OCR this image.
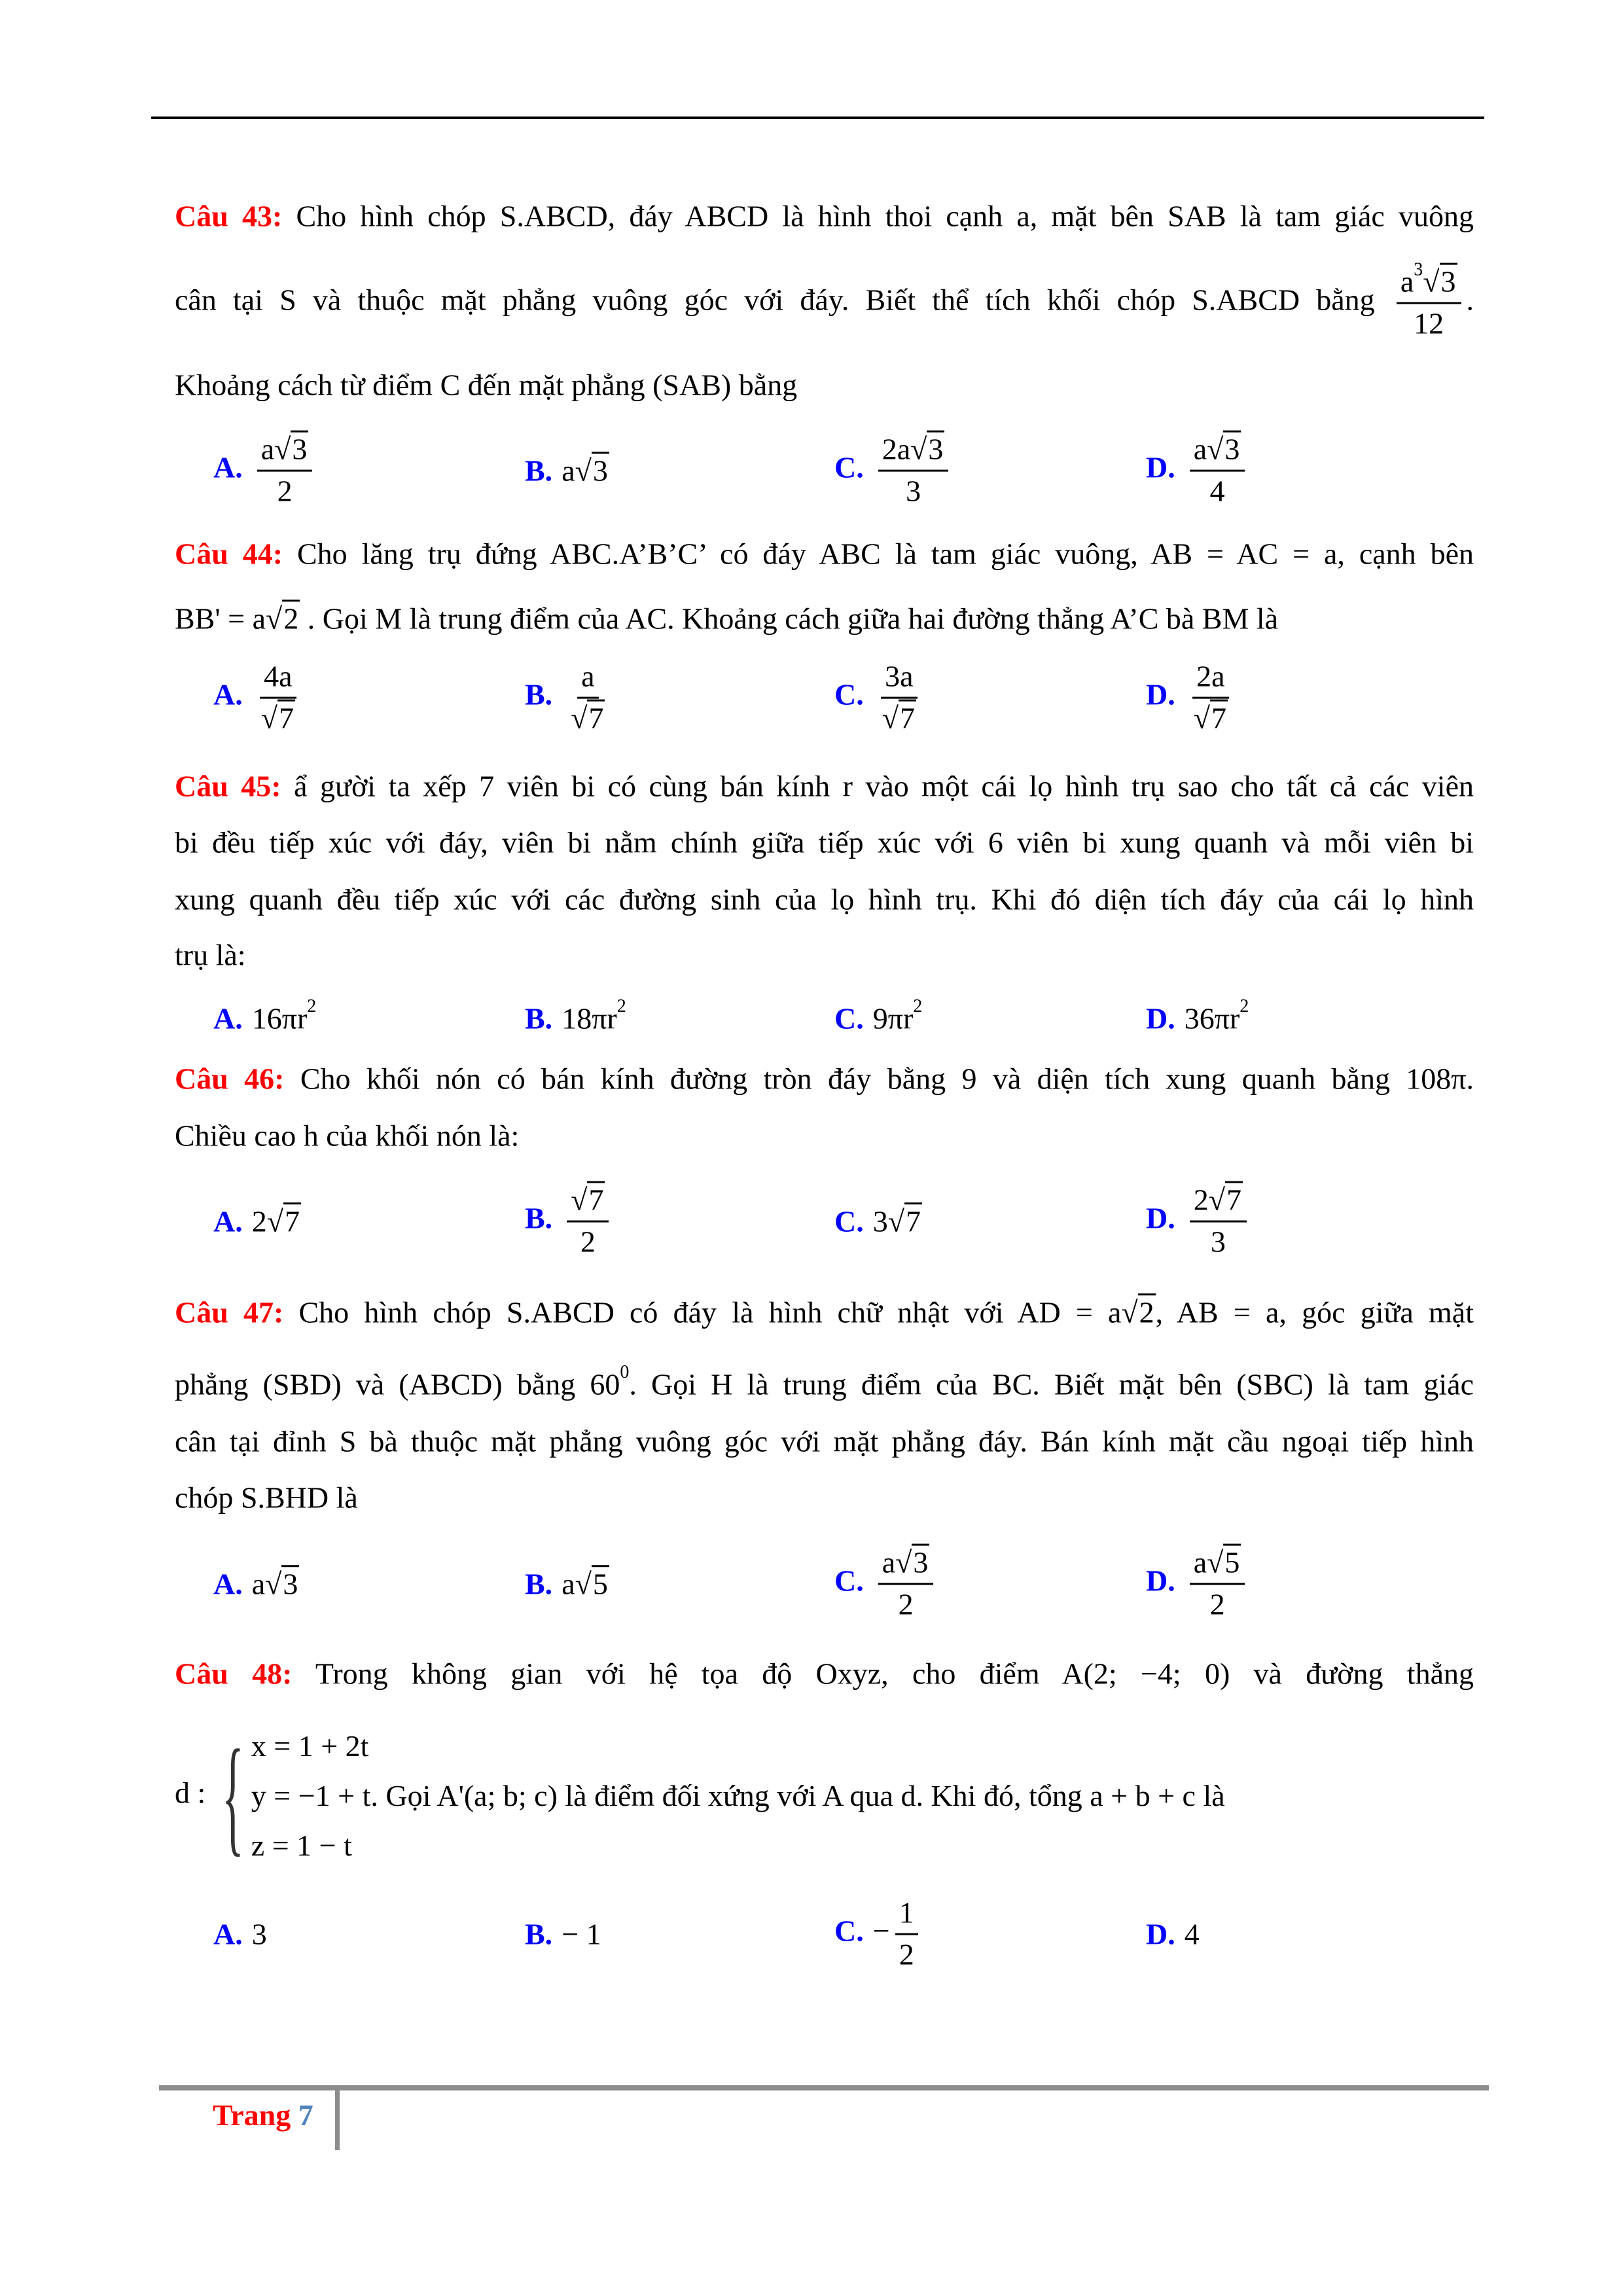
Câu 43: Cho hình chóp S.ABCD, đáy ABCD là hình thoi cạnh a, mặt bên SAB là tam giác vuông
cân tại S và thuộc mặt phẳng vuông góc với đáy. Biết thể tích khối chóp S.ABCD bằng $\frac{a^3√3}{12}$ .
Khoảng cách từ điểm C đến mặt phẳng (SAB) bằng
A. $\frac{a√3}{2}$	B. a√3	C. $\frac{2a√3}{3}$	D. $\frac{a√3}{4}$
Câu 44: Cho lăng trụ đứng ABC.A’B’C’ có đáy ABC là tam giác vuông, AB = AC = a, cạnh bên
BB' = a√2 . Gọi M là trung điểm của AC. Khoảng cách giữa hai đường thẳng A’C bà BM là
A. $\frac{4a}{√7}$	B. $\frac{a}{√7}$	C. $\frac{3a}{√7}$	D. $\frac{2a}{√7}$
Câu 45: ẩ gười ta xếp 7 viên bi có cùng bán kính r vào một cái lọ hình trụ sao cho tất cả các viên
bi đều tiếp xúc với đáy, viên bi nằm chính giữa tiếp xúc với 6 viên bi xung quanh và mỗi viên bi
xung quanh đều tiếp xúc với các đường sinh của lọ hình trụ. Khi đó diện tích đáy của cái lọ hình
trụ là:
A. $16\pi r^2$	B. $18\pi r^2$	C. $9\pi r^2$	D. $36\pi r^2$
Câu 46: Cho khối nón có bán kính đường tròn đáy bằng 9 và diện tích xung quanh bằng 108π.
Chiều cao h của khối nón là:
A. 2√7	B. $\frac{√7}{2}$	C. 3√7	D. $\frac{2√7}{3}$
Câu 47: Cho hình chóp S.ABCD có đáy là hình chữ nhật với AD = a√2, AB = a, góc giữa mặt
phẳng (SBD) và (ABCD) bằng $60^0$. Gọi H là trung điểm của BC. Biết mặt bên (SBC) là tam giác
cân tại đỉnh S bà thuộc mặt phẳng vuông góc với mặt phẳng đáy. Bán kính mặt cầu ngoại tiếp hình
chóp S.BHD là
A. a√3	B. a√5	C. $\frac{a√3}{2}$	D. $\frac{a√5}{2}$
Câu 48: Trong không gian với hệ tọa độ Oxyz, cho điểm A(2; −4; 0) và đường thẳng
d : { x = 1 + 2t
y = −1 + t. Gọi A'(a; b; c) là điểm đối xứng với A qua d. Khi đó, tổng a + b + c là
z = 1 − t
A. 3	B. − 1	C. − $\frac{1}{2}$	D. 4
Trang 7
